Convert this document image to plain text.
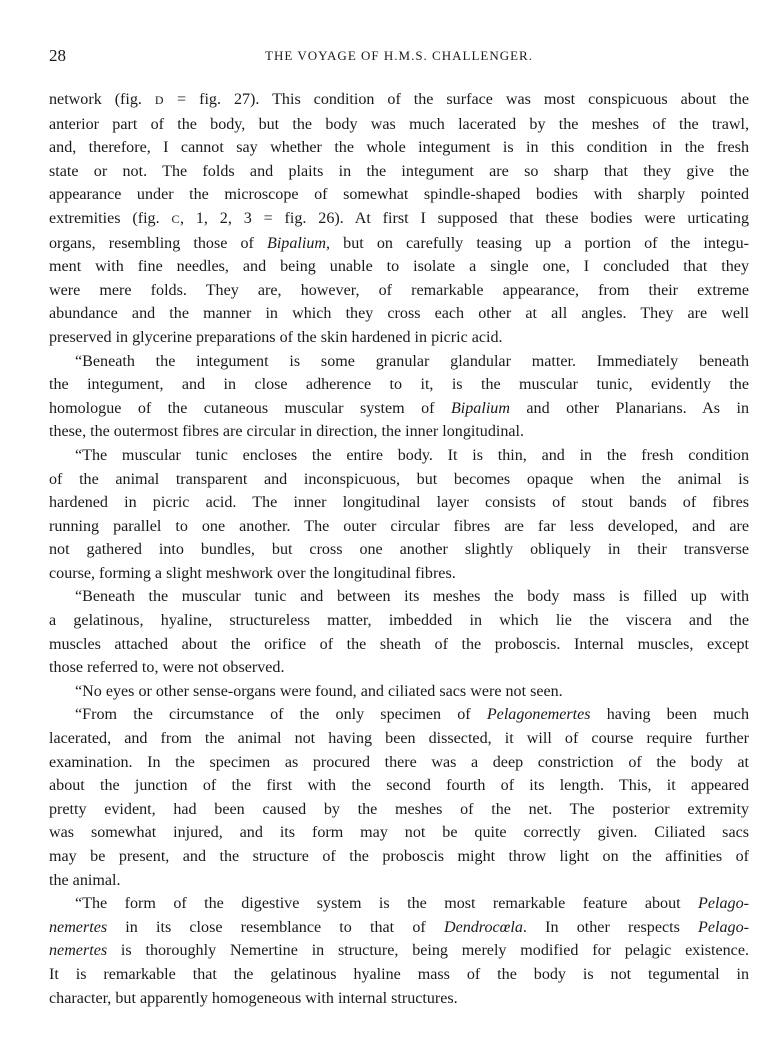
28	THE VOYAGE OF H.M.S. CHALLENGER.
network (fig. D = fig. 27). This condition of the surface was most conspicuous about the
anterior part of the body, but the body was much lacerated by the meshes of the trawl,
and, therefore, I cannot say whether the whole integument is in this condition in the fresh
state or not. The folds and plaits in the integument are so sharp that they give the
appearance under the microscope of somewhat spindle-shaped bodies with sharply pointed
extremities (fig. C, 1, 2, 3 = fig. 26). At first I supposed that these bodies were urticating
organs, resembling those of Bipalium, but on carefully teasing up a portion of the integu-
ment with fine needles, and being unable to isolate a single one, I concluded that they
were mere folds. They are, however, of remarkable appearance, from their extreme
abundance and the manner in which they cross each other at all angles. They are well
preserved in glycerine preparations of the skin hardened in picric acid.
“Beneath the integument is some granular glandular matter. Immediately beneath
the integument, and in close adherence to it, is the muscular tunic, evidently the
homologue of the cutaneous muscular system of Bipalium and other Planarians. As in
these, the outermost fibres are circular in direction, the inner longitudinal.
“The muscular tunic encloses the entire body. It is thin, and in the fresh condition
of the animal transparent and inconspicuous, but becomes opaque when the animal is
hardened in picric acid. The inner longitudinal layer consists of stout bands of fibres
running parallel to one another. The outer circular fibres are far less developed, and are
not gathered into bundles, but cross one another slightly obliquely in their transverse
course, forming a slight meshwork over the longitudinal fibres.
“Beneath the muscular tunic and between its meshes the body mass is filled up with
a gelatinous, hyaline, structureless matter, imbedded in which lie the viscera and the
muscles attached about the orifice of the sheath of the proboscis. Internal muscles, except
those referred to, were not observed.
“No eyes or other sense-organs were found, and ciliated sacs were not seen.
“From the circumstance of the only specimen of Pelagonemertes having been much
lacerated, and from the animal not having been dissected, it will of course require further
examination. In the specimen as procured there was a deep constriction of the body at
about the junction of the first with the second fourth of its length. This, it appeared
pretty evident, had been caused by the meshes of the net. The posterior extremity
was somewhat injured, and its form may not be quite correctly given. Ciliated sacs
may be present, and the structure of the proboscis might throw light on the affinities of
the animal.
“The form of the digestive system is the most remarkable feature about Pelago-
nemertes in its close resemblance to that of Dendrocœla. In other respects Pelago-
nemertes is thoroughly Nemertine in structure, being merely modified for pelagic existence.
It is remarkable that the gelatinous hyaline mass of the body is not tegumental in
character, but apparently homogeneous with internal structures.
